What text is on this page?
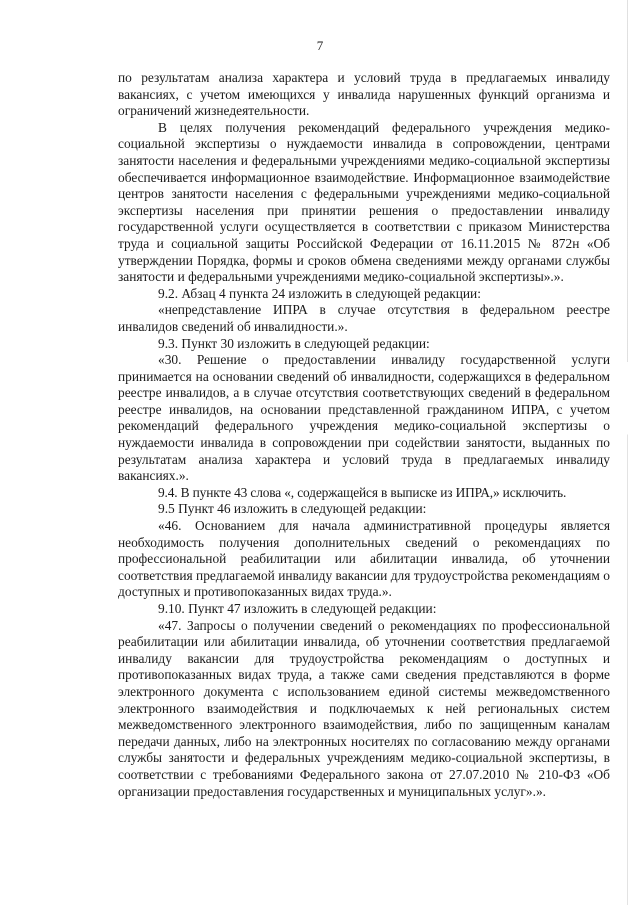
7

по результатам анализа характера и условий труда в предлагаемых инвалиду вакансиях, с учетом имеющихся у инвалида нарушенных функций организма и ограничений жизнедеятельности.

В целях получения рекомендаций федерального учреждения медико-социальной экспертизы о нуждаемости инвалида в сопровождении, центрами занятости населения и федеральными учреждениями медико-социальной экспертизы обеспечивается информационное взаимодействие. Информационное взаимодействие центров занятости населения с федеральными учреждениями медико-социальной экспертизы населения при принятии решения о предоставлении инвалиду государственной услуги осуществляется в соответствии с приказом Министерства труда и социальной защиты Российской Федерации от 16.11.2015 № 872н «Об утверждении Порядка, формы и сроков обмена сведениями между органами службы занятости и федеральными учреждениями медико-социальной экспертизы».».

9.2. Абзац 4 пункта 24 изложить в следующей редакции:

«непредставление ИПРА в случае отсутствия в федеральном реестре инвалидов сведений об инвалидности.».

9.3. Пункт 30 изложить в следующей редакции:

«30. Решение о предоставлении инвалиду государственной услуги принимается на основании сведений об инвалидности, содержащихся в федеральном реестре инвалидов, а в случае отсутствия соответствующих сведений в федеральном реестре инвалидов, на основании представленной гражданином ИПРА, с учетом рекомендаций федерального учреждения медико-социальной экспертизы о нуждаемости инвалида в сопровождении при содействии занятости, выданных по результатам анализа характера и условий труда в предлагаемых инвалиду вакансиях.».

9.4. В пункте 43 слова «, содержащейся в выписке из ИПРА,» исключить.

9.5 Пункт 46 изложить в следующей редакции:

«46. Основанием для начала административной процедуры является необходимость получения дополнительных сведений о рекомендациях по профессиональной реабилитации или абилитации инвалида, об уточнении соответствия предлагаемой инвалиду вакансии для трудоустройства рекомендациям о доступных и противопоказанных видах труда.».

9.10. Пункт 47 изложить в следующей редакции:

«47. Запросы о получении сведений о рекомендациях по профессиональной реабилитации или абилитации инвалида, об уточнении соответствия предлагаемой инвалиду вакансии для трудоустройства рекомендациям о доступных и противопоказанных видах труда, а также сами сведения представляются в форме электронного документа с использованием единой системы межведомственного электронного взаимодействия и подключаемых к ней региональных систем межведомственного электронного взаимодействия, либо по защищенным каналам передачи данных, либо на электронных носителях по согласованию между органами службы занятости и федеральных учреждениям медико-социальной экспертизы, в соответствии с требованиями Федерального закона от 27.07.2010 № 210-ФЗ «Об организации предоставления государственных и муниципальных услуг».».
